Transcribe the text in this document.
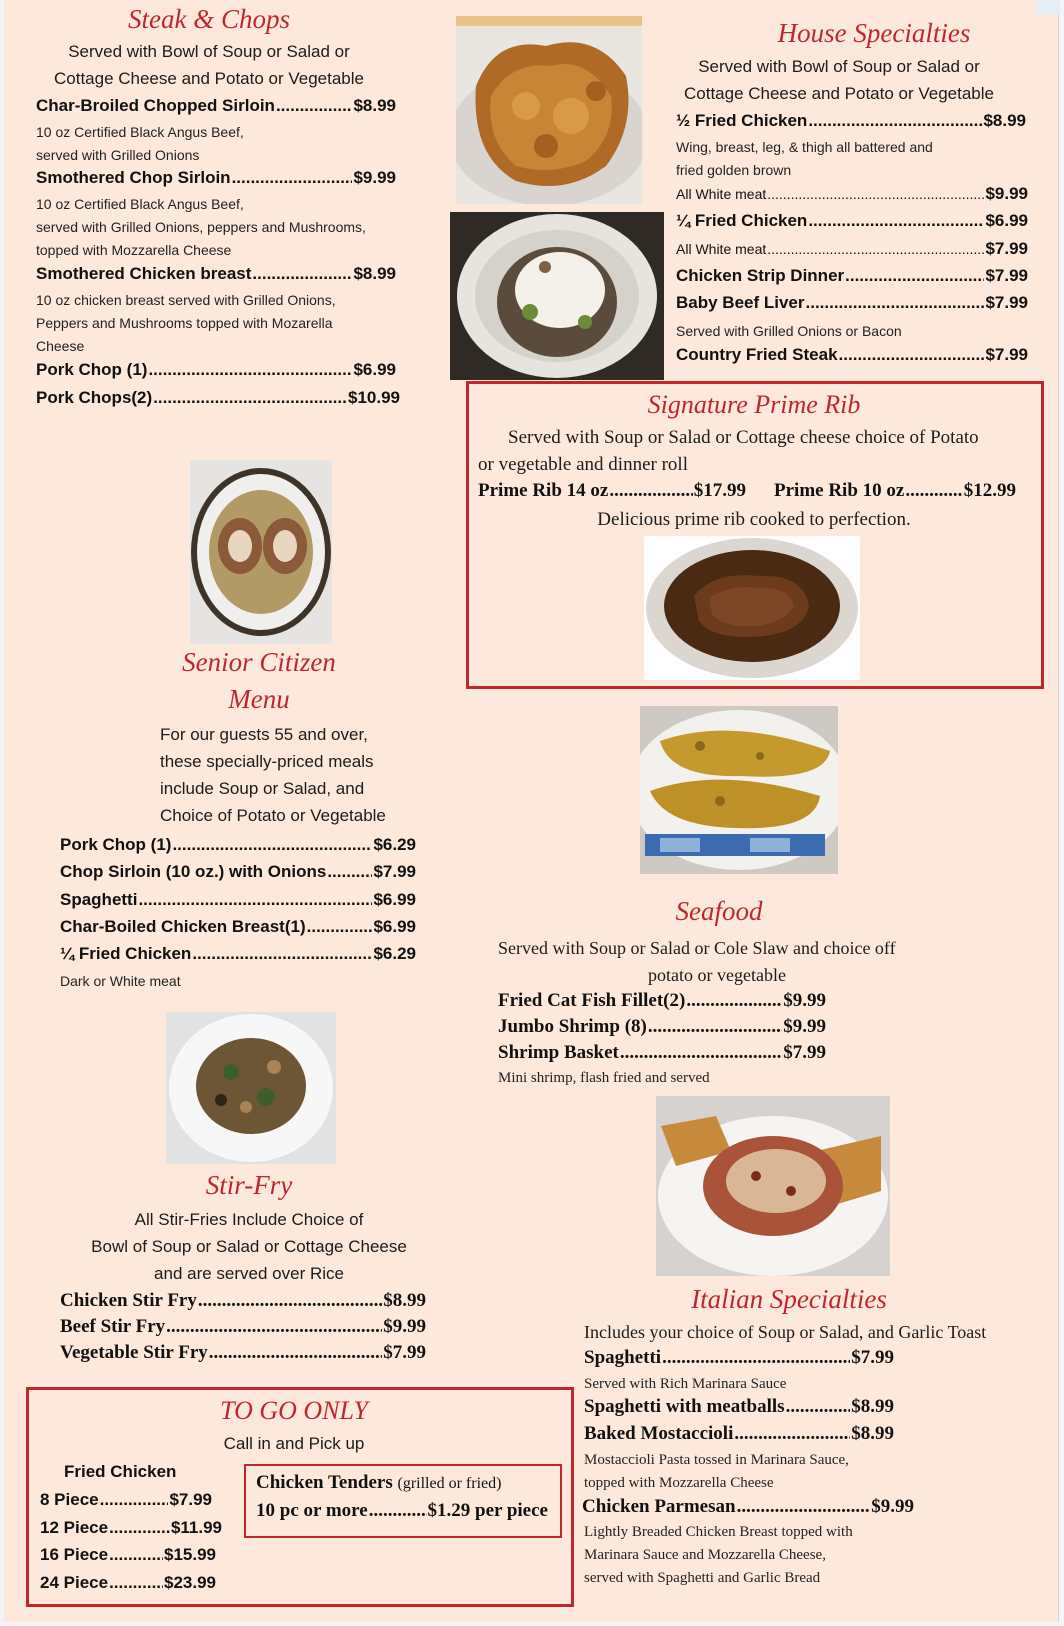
Steak & Chops
Served with Bowl of Soup or Salad or
Cottage Cheese and Potato or Vegetable
Char-Broiled Chopped Sirloin .....	$8.99
10 oz Certified Black Angus Beef,
served with Grilled Onions
Smothered Chop Sirloin .....	$9.99
10 oz Certified Black Angus Beef,
served with Grilled Onions, peppers and Mushrooms,
topped with Mozzarella Cheese
Smothered Chicken breast .....	$8.99
10 oz chicken breast served with Grilled Onions,
Peppers and Mushrooms topped with Mozarella
Cheese
Pork Chop (1) .....	$6.99
Pork Chops(2) .....	$10.99
House Specialties
Served with Bowl of Soup or Salad or
Cottage Cheese and Potato or Vegetable
½ Fried Chicken .....	$8.99
Wing, breast, leg, & thigh all battered and
fried golden brown
All White meat .....	$9.99
¼ Fried Chicken .....	$6.99
All White meat .....	$7.99
Chicken Strip Dinner .....	$7.99
Baby Beef Liver .....	$7.99
Served with Grilled Onions or Bacon
Country Fried Steak .....	$7.99
Signature Prime Rib
Served with Soup or Salad or Cottage cheese choice of Potato
or vegetable and dinner roll
Prime Rib 14 oz .....	$17.99 Prime Rib 10 oz .....	$12.99
Delicious prime rib cooked to perfection.
Senior Citizen
Menu
For our guests 55 and over,
these specially-priced meals
include Soup or Salad, and
Choice of Potato or Vegetable
Pork Chop (1) .....	$6.29
Chop Sirloin (10 oz.) with Onions .....	$7.99
Spaghetti .....	$6.99
Char-Boiled Chicken Breast(1) .....	$6.99
¼ Fried Chicken .....	$6.29
Dark or White meat
Seafood
Served with Soup or Salad or Cole Slaw and choice off
potato or vegetable
Fried Cat Fish Fillet(2) .....	$9.99
Jumbo Shrimp (8) .....	$9.99
Shrimp Basket .....	$7.99
Mini shrimp, flash fried and served
Stir-Fry
All Stir-Fries Include Choice of
Bowl of Soup or Salad or Cottage Cheese
and are served over Rice
Chicken Stir Fry .....	$8.99
Beef Stir Fry .....	$9.99
Vegetable Stir Fry .....	$7.99
Italian Specialties
Includes your choice of Soup or Salad, and Garlic Toast
Spaghetti .....	$7.99
Served with Rich Marinara Sauce
Spaghetti with meatballs .....	$8.99
Baked Mostaccioli .....	$8.99
Mostaccioli Pasta tossed in Marinara Sauce,
topped with Mozzarella Cheese
Chicken Parmesan .....	$9.99
Lightly Breaded Chicken Breast topped with
Marinara Sauce and Mozzarella Cheese,
served with Spaghetti and Garlic Bread
TO GO ONLY
Call in and Pick up
Fried Chicken
8 Piece .....	$7.99
12 Piece .....	$11.99
16 Piece .....	$15.99
24 Piece .....	$23.99
Chicken Tenders (grilled or fried)
10 pc or more .....	$1.29 per piece
